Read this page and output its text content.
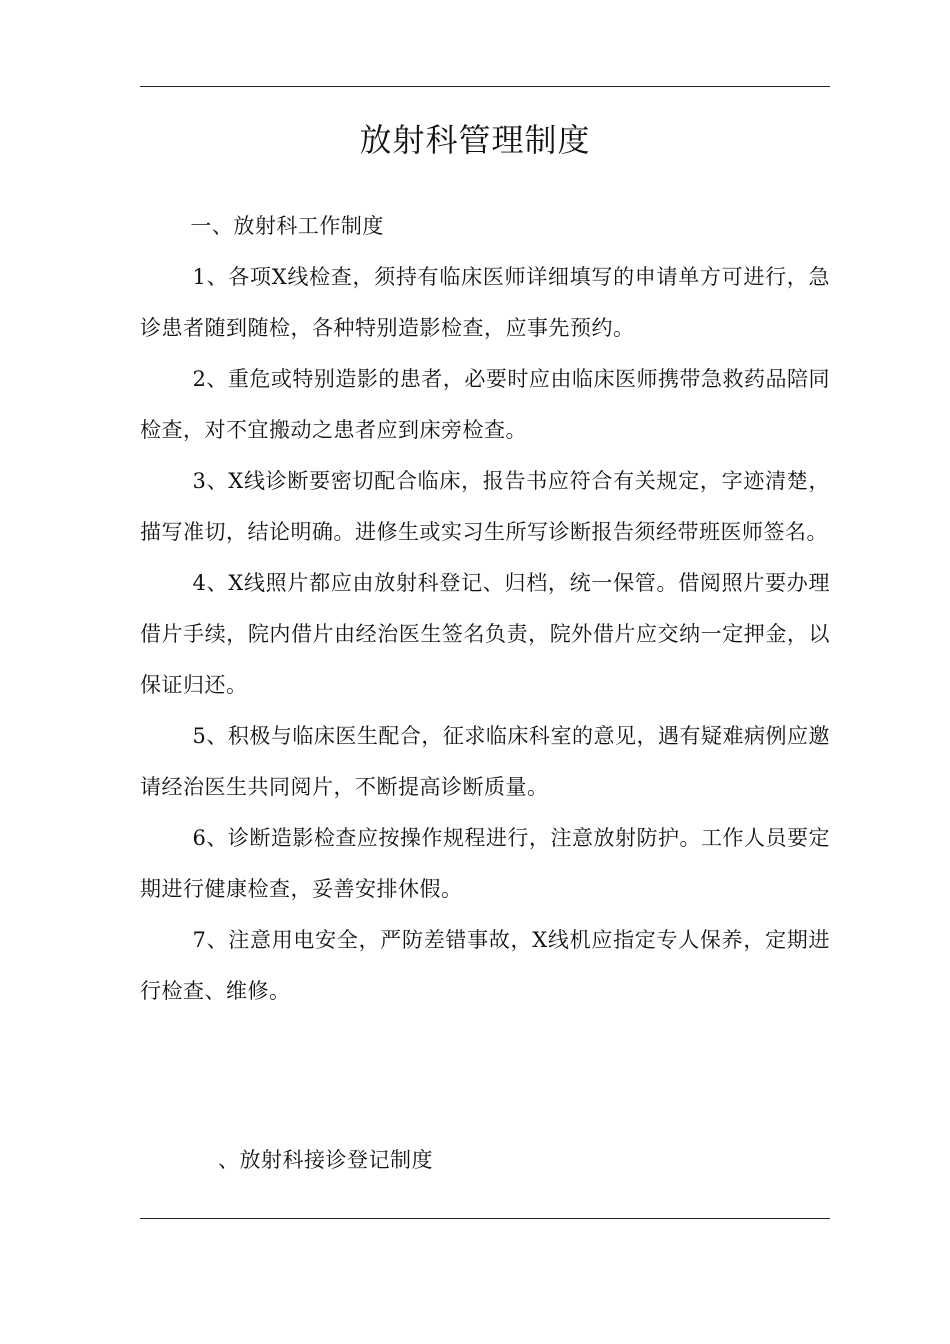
放射科管理制度

一、放射科工作制度

1、各项X线检查，须持有临床医师详细填写的申请单方可进行，急诊患者随到随检，各种特别造影检查，应事先预约。

2、重危或特别造影的患者，必要时应由临床医师携带急救药品陪同检查，对不宜搬动之患者应到床旁检查。

3、X线诊断要密切配合临床，报告书应符合有关规定，字迹清楚，描写准切，结论明确。进修生或实习生所写诊断报告须经带班医师签名。

4、X线照片都应由放射科登记、归档，统一保管。借阅照片要办理借片手续，院内借片由经治医生签名负责，院外借片应交纳一定押金，以保证归还。

5、积极与临床医生配合，征求临床科室的意见，遇有疑难病例应邀请经治医生共同阅片，不断提高诊断质量。

6、诊断造影检查应按操作规程进行，注意放射防护。工作人员要定期进行健康检查，妥善安排休假。

7、注意用电安全，严防差错事故，X线机应指定专人保养，定期进行检查、维修。

、放射科接诊登记制度
